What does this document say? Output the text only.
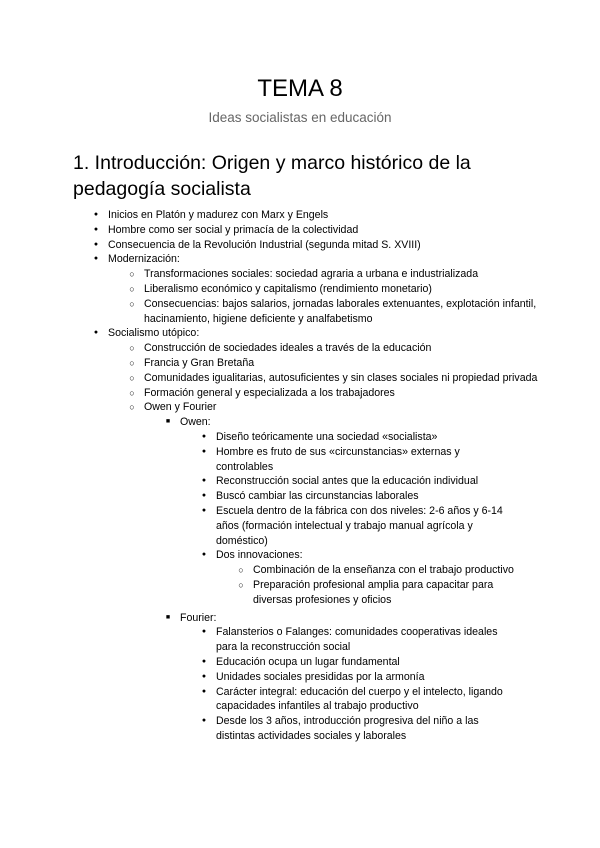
TEMA 8
Ideas socialistas en educación
1. Introducción: Origen y marco histórico de la pedagogía socialista
●
Inicios en Platón y madurez con Marx y Engels
●
Hombre como ser social y primacía de la colectividad
●
Consecuencia de la Revolución Industrial (segunda mitad S. XVIII)
●
Modernización:
○
Transformaciones sociales: sociedad agraria a urbana e industrializada
○
Liberalismo económico y capitalismo (rendimiento monetario)
○
Consecuencias: bajos salarios, jornadas laborales extenuantes, explotación infantil, hacinamiento, higiene deficiente y analfabetismo
●
Socialismo utópico:
○
Construcción de sociedades ideales a través de la educación
○
Francia y Gran Bretaña
○
Comunidades igualitarias, autosuficientes y sin clases sociales ni propiedad privada
○
Formación general y especializada a los trabajadores
○
Owen y Fourier
■
Owen:
●
Diseño teóricamente una sociedad «socialista»
●
Hombre es fruto de sus «circunstancias» externas y controlables
●
Reconstrucción social antes que la educación individual
●
Buscó cambiar las circunstancias laborales
●
Escuela dentro de la fábrica con dos niveles: 2-6 años y 6-14 años (formación intelectual y trabajo manual agrícola y doméstico)
●
Dos innovaciones:
○
Combinación de la enseñanza con el trabajo productivo
○
Preparación profesional amplia para capacitar para diversas profesiones y oficios
■
Fourier:
●
Falansterios o Falanges: comunidades cooperativas ideales para la reconstrucción social
●
Educación ocupa un lugar fundamental
●
Unidades sociales presididas por la armonía
●
Carácter integral: educación del cuerpo y el intelecto, ligando capacidades infantiles al trabajo productivo
●
Desde los 3 años, introducción progresiva del niño a las distintas actividades sociales y laborales
